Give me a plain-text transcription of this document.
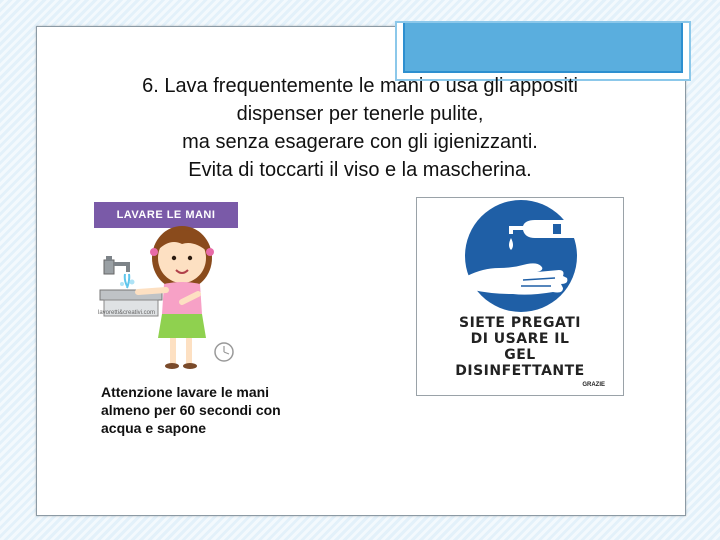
6. Lava frequentemente le mani o usa gli appositi
dispenser per tenerle pulite,
ma senza esagerare con gli igienizzanti.
Evita di toccarti il viso e la mascherina.
LAVARE LE MANI
lavoretti&creativi.com
Attenzione lavare le mani almeno per 60 secondi con acqua e sapone
SIETE PREGATI
DI USARE IL
GEL
DISINFETTANTE
GRAZIE
